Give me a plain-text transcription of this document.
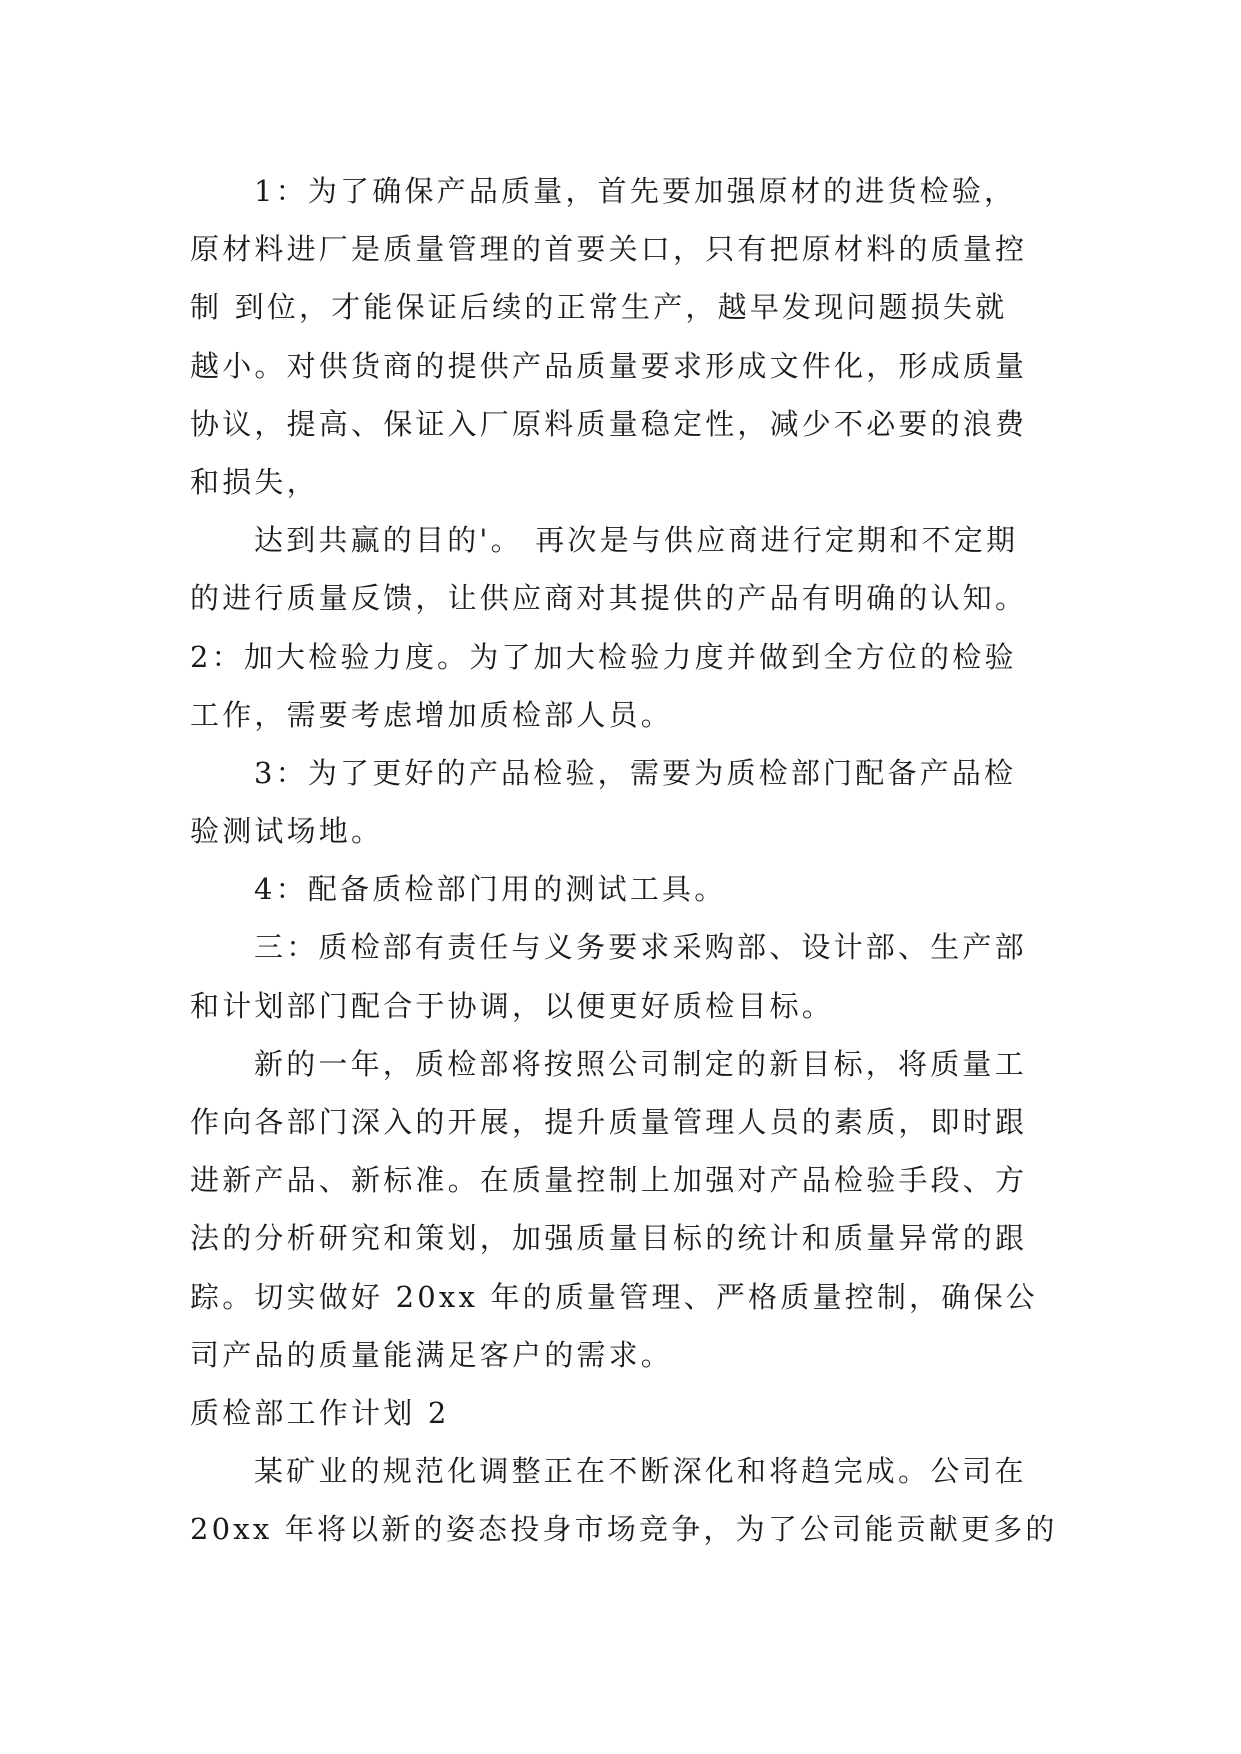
1：为了确保产品质量，首先要加强原材的进货检验，
原材料进厂是质量管理的首要关口，只有把原材料的质量控
制 到位，才能保证后续的正常生产，越早发现问题损失就
越小。对供货商的提供产品质量要求形成文件化，形成质量
协议，提高、保证入厂原料质量稳定性，减少不必要的浪费
和损失，
达到共赢的目的'。 再次是与供应商进行定期和不定期
的进行质量反馈，让供应商对其提供的产品有明确的认知。
2：加大检验力度。为了加大检验力度并做到全方位的检验
工作，需要考虑增加质检部人员。
3：为了更好的产品检验，需要为质检部门配备产品检
验测试场地。
4：配备质检部门用的测试工具。
三：质检部有责任与义务要求采购部、设计部、生产部
和计划部门配合于协调，以便更好质检目标。
新的一年，质检部将按照公司制定的新目标，将质量工
作向各部门深入的开展，提升质量管理人员的素质，即时跟
进新产品、新标准。在质量控制上加强对产品检验手段、方
法的分析研究和策划，加强质量目标的统计和质量异常的跟
踪。切实做好 20xx 年的质量管理、严格质量控制，确保公
司产品的质量能满足客户的需求。
质检部工作计划 2
某矿业的规范化调整正在不断深化和将趋完成。公司在
20xx 年将以新的姿态投身市场竞争，为了公司能贡献更多的
